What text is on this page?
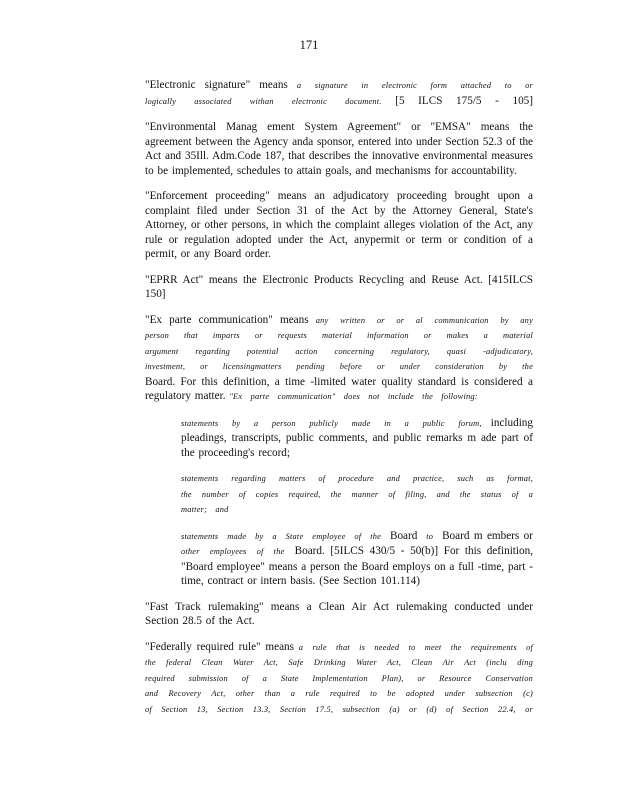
171
"Electronic signature" means a signature in electronic form attached to or
logically associated withan electronic document. [5 ILCS 175/5 - 105]
"Environmental Manag ement System Agreement" or "EMSA" means the agreement between the Agency anda sponsor, entered into under Section 52.3 of the Act and 35Ill. Adm.Code 187, that describes the innovative environmental measures to be implemented, schedules to attain goals, and mechanisms for accountability.
"Enforcement proceeding" means an adjudicatory proceeding brought upon a complaint filed under Section 31 of the Act by the Attorney General, State's Attorney, or other persons, in which the complaint alleges violation of the Act, any rule or regulation adopted under the Act, anypermit or term or condition of a permit, or any Board order.
"EPRR Act" means the Electronic Products Recycling and Reuse Act. [415ILCS 150]
"Ex parte communication" means any written or or al communication by any
person that imparts or requests material information or makes a material
argument regarding potential action concerning regulatory, quasi -adjudicatory,
investment, or licensingmatters pending before or under consideration by the
Board. For this definition, a time -limited water quality standard is considered a
regulatory matter. "Ex parte communication" does not include the following:
statements by a person publicly made in a public forum, including
pleadings, transcripts, public comments, and public remarks m ade part of
the proceeding's record;
statements regarding matters of procedure and practice, such as format,
the number of copies required, the manner of filing, and the status of a
matter; and
statements made by a State employee of the Board to Board m embers or
other employees of the Board. [5ILCS 430/5 - 50(b)] For this definition,
"Board employee" means a person the Board employs on a full -time, part -
time, contract or intern basis. (See Section 101.114)
"Fast Track rulemaking" means a Clean Air Act rulemaking conducted under Section 28.5 of the Act.
"Federally required rule" means a rule that is needed to meet the requirements of
the federal Clean Water Act, Safe Drinking Water Act, Clean Air Act (inclu ding
required submission of a State Implementation Plan), or Resource Conservation
and Recovery Act, other than a rule required to be adopted under subsection (c)
of Section 13, Section 13.3, Section 17.5, subsection (a) or (d) of Section 22.4, or
